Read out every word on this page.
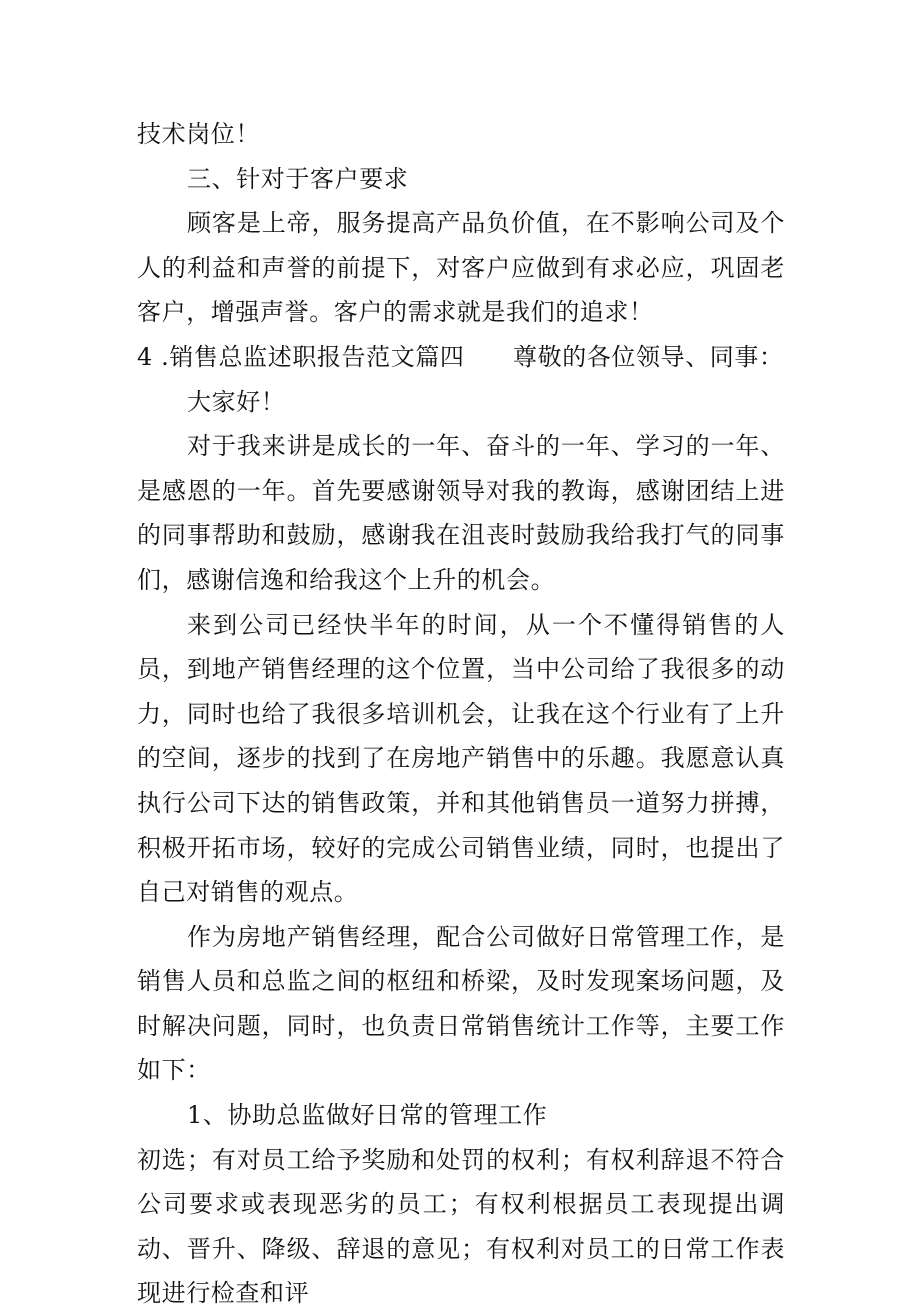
技术岗位！

三、针对于客户要求

顾客是上帝，服务提高产品负价值，在不影响公司及个人的利益和声誉的前提下，对客户应做到有求必应，巩固老客户，增强声誉。客户的需求就是我们的追求！

4 .销售总监述职报告范文篇四	尊敬的各位领导、同事：

大家好！

对于我来讲是成长的一年、奋斗的一年、学习的一年、是感恩的一年。首先要感谢领导对我的教诲，感谢团结上进的同事帮助和鼓励，感谢我在沮丧时鼓励我给我打气的同事们，感谢信逸和给我这个上升的机会。

来到公司已经快半年的时间，从一个不懂得销售的人员，到地产销售经理的这个位置，当中公司给了我很多的动力，同时也给了我很多培训机会，让我在这个行业有了上升的空间，逐步的找到了在房地产销售中的乐趣。我愿意认真执行公司下达的销售政策，并和其他销售员一道努力拼搏，积极开拓市场，较好的完成公司销售业绩，同时，也提出了自己对销售的观点。

作为房地产销售经理，配合公司做好日常管理工作，是销售人员和总监之间的枢纽和桥梁，及时发现案场问题，及时解决问题，同时，也负责日常销售统计工作等，主要工作如下：

1、协助总监做好日常的管理工作

初选；有对员工给予奖励和处罚的权利；有权利辞退不符合公司要求或表现恶劣的员工；有权利根据员工表现提出调动、晋升、降级、辞退的意见；有权利对员工的日常工作表现进行检查和评
